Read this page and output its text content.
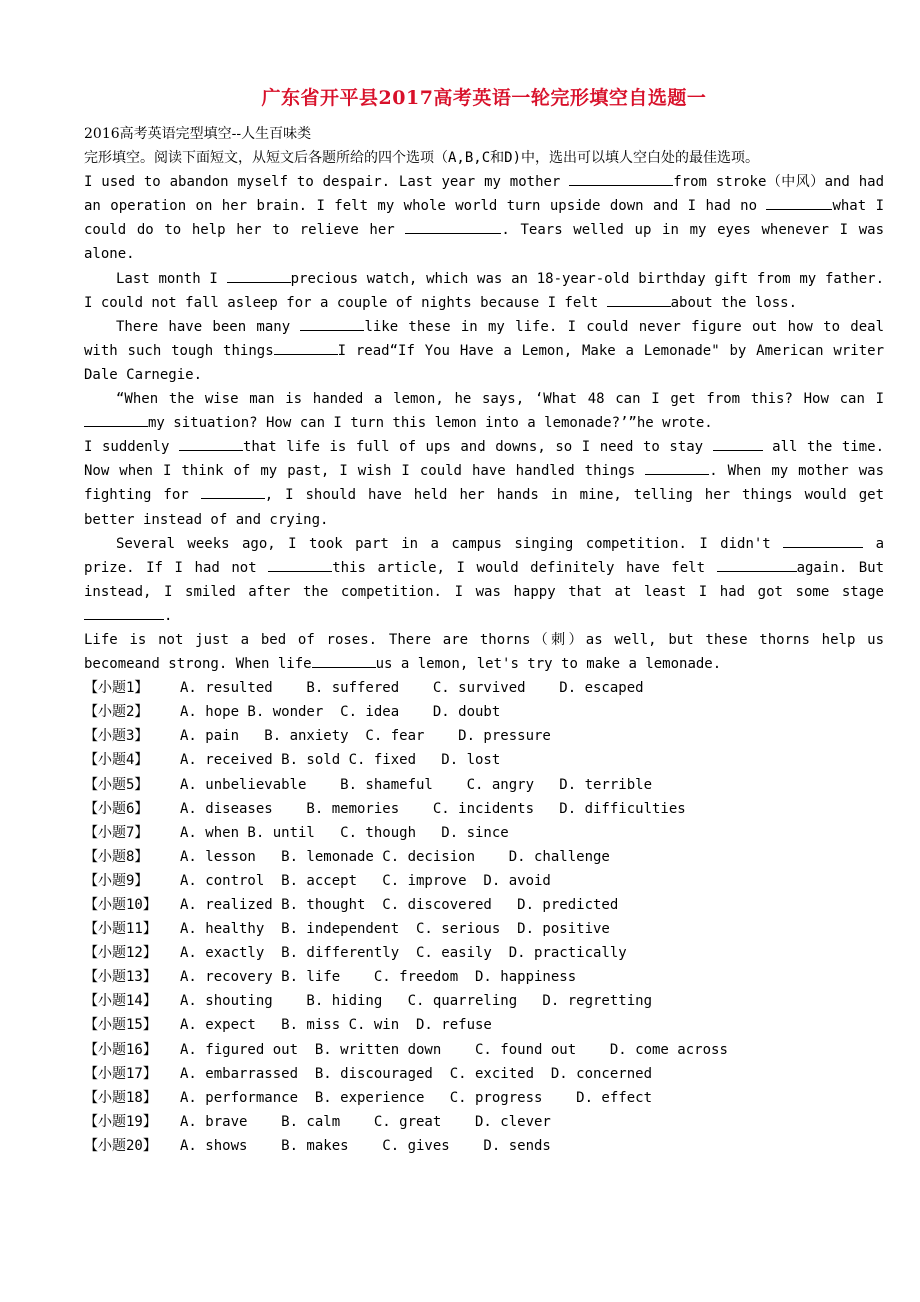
广东省开平县2017高考英语一轮完形填空自选题一

2016高考英语完型填空--人生百味类

完形填空。阅读下面短文，从短文后各题所给的四个选项（A,B,C和D)中，选出可以填人空白处的最佳选项。

I used to abandon myself to despair. Last year my mother	from stroke（中风）and had an operation on her brain. I felt my whole world turn upside down and I had no	what I could do to help her to relieve her	. Tears welled up in my eyes whenever I was alone.

Last month I	precious watch, which was an 18-year-old birthday gift from my father. I could not fall asleep for a couple of nights because I felt	about the loss.

There have been many	like these in my life. I could never figure out how to deal with such tough things	I read“If You Have a Lemon, Make a Lemonade" by American writer Dale Carnegie.

“When the wise man is handed a lemon, he says, ‘What 48 can I get from this? How can I my situation? How can I turn this lemon into a lemonade?’”he wrote.

I suddenly	that life is full of ups and downs, so I need to stay	all the time. Now when I think of my past, I wish I could have handled things	. When my mother was fighting for	, I should have held her hands in mine, telling her things would get better instead of and crying.

Several weeks ago, I took part in a campus singing competition. I didn't	a prize. If I had not	this article, I would definitely have felt	again. But instead, I smiled after the competition. I was happy that at least I had got some stage .

Life is not just a bed of roses. There are thorns（刺）as well, but these thorns help us becomeand strong. When life	us a lemon, let's try to make a lemonade.

【小题1】 A. resulted    B. suffered    C. survived    D. escaped

【小题2】 A. hope B. wonder  C. idea    D. doubt

【小题3】 A. pain   B. anxiety  C. fear    D. pressure

【小题4】 A. received B. sold C. fixed   D. lost

【小题5】 A. unbelievable    B. shameful    C. angry   D. terrible

【小题6】 A. diseases    B. memories    C. incidents   D. difficulties

【小题7】 A. when B. until   C. though   D. since

【小题8】 A. lesson   B. lemonade C. decision    D. challenge

【小题9】 A. control  B. accept   C. improve  D. avoid

【小题10】 A. realized B. thought  C. discovered   D. predicted

【小题11】 A. healthy  B. independent  C. serious  D. positive

【小题12】 A. exactly  B. differently  C. easily  D. practically

【小题13】 A. recovery B. life    C. freedom  D. happiness

【小题14】 A. shouting    B. hiding   C. quarreling   D. regretting

【小题15】 A. expect   B. miss C. win  D. refuse

【小题16】 A. figured out  B. written down    C. found out    D. come across

【小题17】 A. embarrassed  B. discouraged  C. excited  D. concerned

【小题18】 A. performance  B. experience   C. progress    D. effect

【小题19】 A. brave    B. calm    C. great    D. clever

【小题20】 A. shows    B. makes    C. gives    D. sends
